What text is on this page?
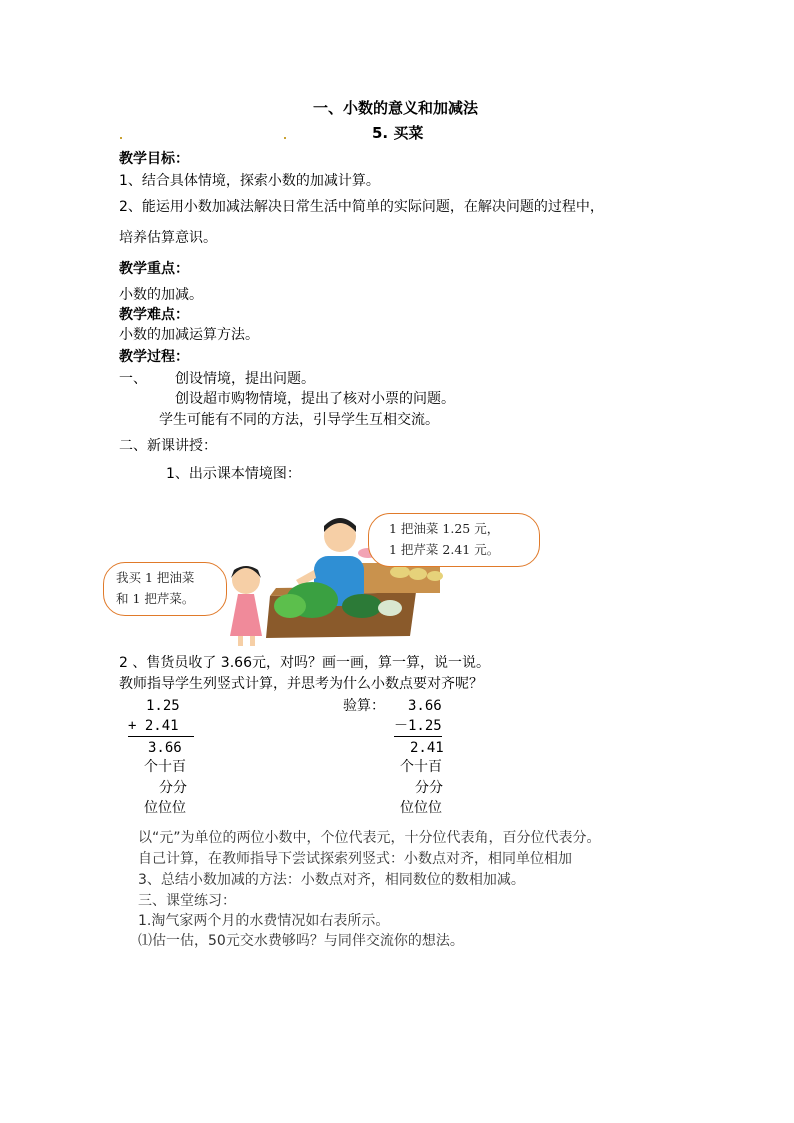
一、小数的意义和加减法
5. 买菜
教学目标：
1、结合具体情境，探索小数的加减计算。
2、能运用小数加减法解决日常生活中简单的实际问题，在解决问题的过程中，
培养估算意识。
教学重点：
小数的加减。
教学难点：
小数的加减运算方法。
教学过程：
一、 创设情境，提出问题。
创设超市购物情境，提出了核对小票的问题。
学生可能有不同的方法，引导学生互相交流。
二、新课讲授：
1、出示课本情境图：
我买 1 把油菜
和 1 把芹菜。
1 把油菜 1.25 元，
1 把芹菜 2.41 元。
2 、售货员收了 3.66元，对吗？画一画，算一算，说一说。
教师指导学生列竖式计算，并思考为什么小数点要对齐呢？
1.25
+ 2.41
3.66
个十百
分分
位位位
验算： 3.66
－1.25
2.41
个十百
分分
位位位
以“元”为单位的两位小数中，个位代表元，十分位代表角，百分位代表分。
自己计算，在教师指导下尝试探索列竖式：小数点对齐，相同单位相加
3、总结小数加减的方法：小数点对齐，相同数位的数相加减。
三、课堂练习：
1.淘气家两个月的水费情况如右表所示。
⑴估一估，50元交水费够吗？与同伴交流你的想法。
